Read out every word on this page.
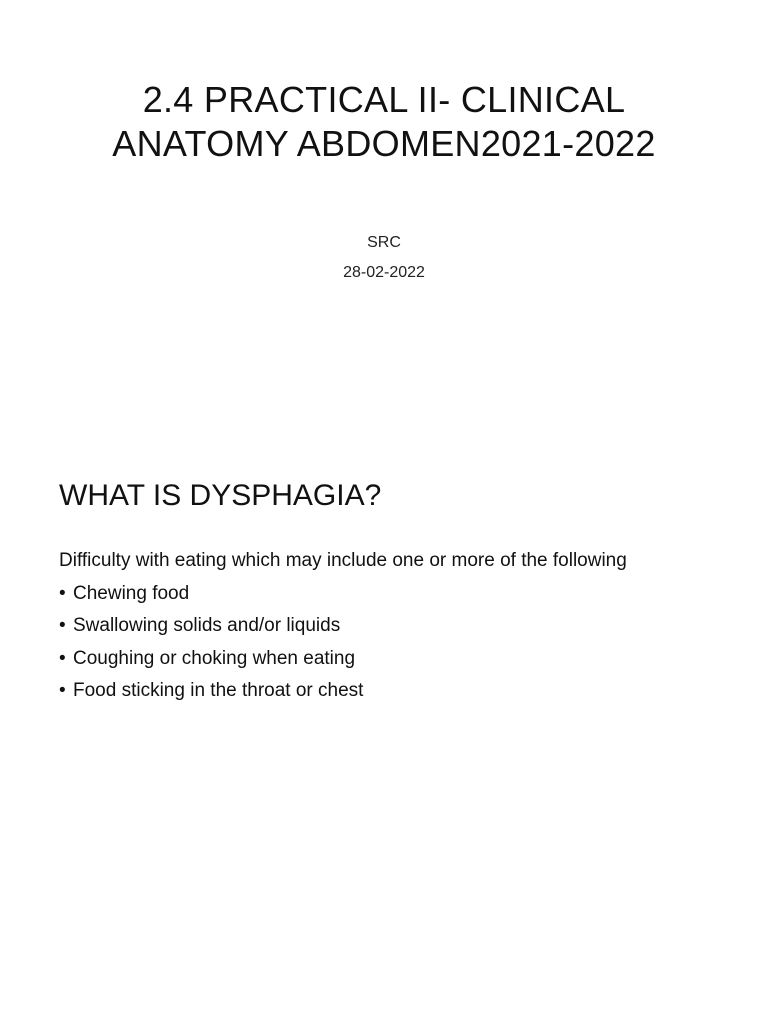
2.4 PRACTICAL II- CLINICAL
ANATOMY ABDOMEN2021-2022
SRC
28-02-2022
WHAT IS DYSPHAGIA?
Difficulty with eating which may include one or more of the following
• Chewing food
• Swallowing solids and/or liquids
• Coughing or choking when eating
• Food sticking in the throat or chest
